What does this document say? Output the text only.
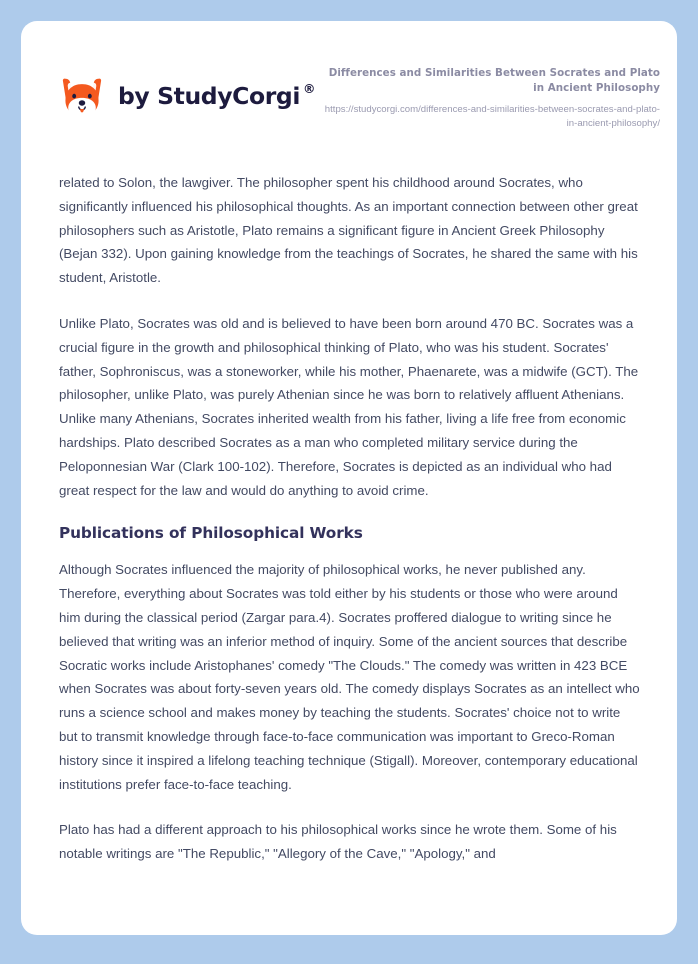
by StudyCorgi ®

Differences and Similarities Between Socrates and Plato in Ancient Philosophy

https://studycorgi.com/differences-and-similarities-between-socrates-and-plato-in-ancient-philosophy/

related to Solon, the lawgiver. The philosopher spent his childhood around Socrates, who significantly influenced his philosophical thoughts. As an important connection between other great philosophers such as Aristotle, Plato remains a significant figure in Ancient Greek Philosophy (Bejan 332). Upon gaining knowledge from the teachings of Socrates, he shared the same with his student, Aristotle.

Unlike Plato, Socrates was old and is believed to have been born around 470 BC. Socrates was a crucial figure in the growth and philosophical thinking of Plato, who was his student. Socrates' father, Sophroniscus, was a stoneworker, while his mother, Phaenarete, was a midwife (GCT). The philosopher, unlike Plato, was purely Athenian since he was born to relatively affluent Athenians. Unlike many Athenians, Socrates inherited wealth from his father, living a life free from economic hardships. Plato described Socrates as a man who completed military service during the Peloponnesian War (Clark 100-102). Therefore, Socrates is depicted as an individual who had great respect for the law and would do anything to avoid crime.

Publications of Philosophical Works

Although Socrates influenced the majority of philosophical works, he never published any. Therefore, everything about Socrates was told either by his students or those who were around him during the classical period (Zargar para.4). Socrates proffered dialogue to writing since he believed that writing was an inferior method of inquiry. Some of the ancient sources that describe Socratic works include Aristophanes' comedy "The Clouds." The comedy was written in 423 BCE when Socrates was about forty-seven years old. The comedy displays Socrates as an intellect who runs a science school and makes money by teaching the students. Socrates' choice not to write but to transmit knowledge through face-to-face communication was important to Greco-Roman history since it inspired a lifelong teaching technique (Stigall). Moreover, contemporary educational institutions prefer face-to-face teaching.

Plato has had a different approach to his philosophical works since he wrote them. Some of his notable writings are "The Republic," "Allegory of the Cave," "Apology," and
